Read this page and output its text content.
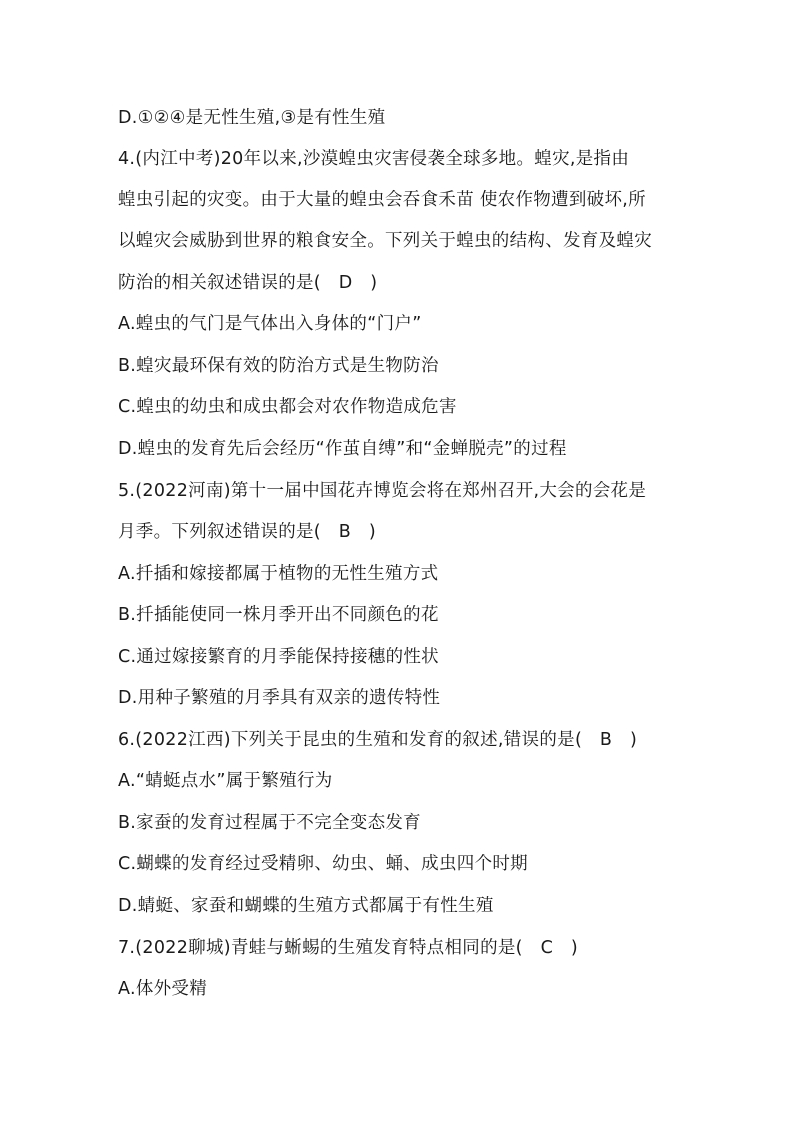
D.①②④是无性生殖,③是有性生殖
4.(内江中考)20年以来,沙漠蝗虫灾害侵袭全球多地。蝗灾,是指由
蝗虫引起的灾变。由于大量的蝗虫会吞食禾苗 使农作物遭到破坏,所
以蝗灾会威胁到世界的粮食安全。下列关于蝗虫的结构、发育及蝗灾
防治的相关叙述错误的是(　D　)
A.蝗虫的气门是气体出入身体的“门户”
B.蝗灾最环保有效的防治方式是生物防治
C.蝗虫的幼虫和成虫都会对农作物造成危害
D.蝗虫的发育先后会经历“作茧自缚”和“金蝉脱壳”的过程
5.(2022河南)第十一届中国花卉博览会将在郑州召开,大会的会花是
月季。下列叙述错误的是(　B　)
A.扦插和嫁接都属于植物的无性生殖方式
B.扦插能使同一株月季开出不同颜色的花
C.通过嫁接繁育的月季能保持接穗的性状
D.用种子繁殖的月季具有双亲的遗传特性
6.(2022江西)下列关于昆虫的生殖和发育的叙述,错误的是(　B　)
A.“蜻蜓点水”属于繁殖行为
B.家蚕的发育过程属于不完全变态发育
C.蝴蝶的发育经过受精卵、幼虫、蛹、成虫四个时期
D.蜻蜓、家蚕和蝴蝶的生殖方式都属于有性生殖
7.(2022聊城)青蛙与蜥蜴的生殖发育特点相同的是(　C　)
A.体外受精
